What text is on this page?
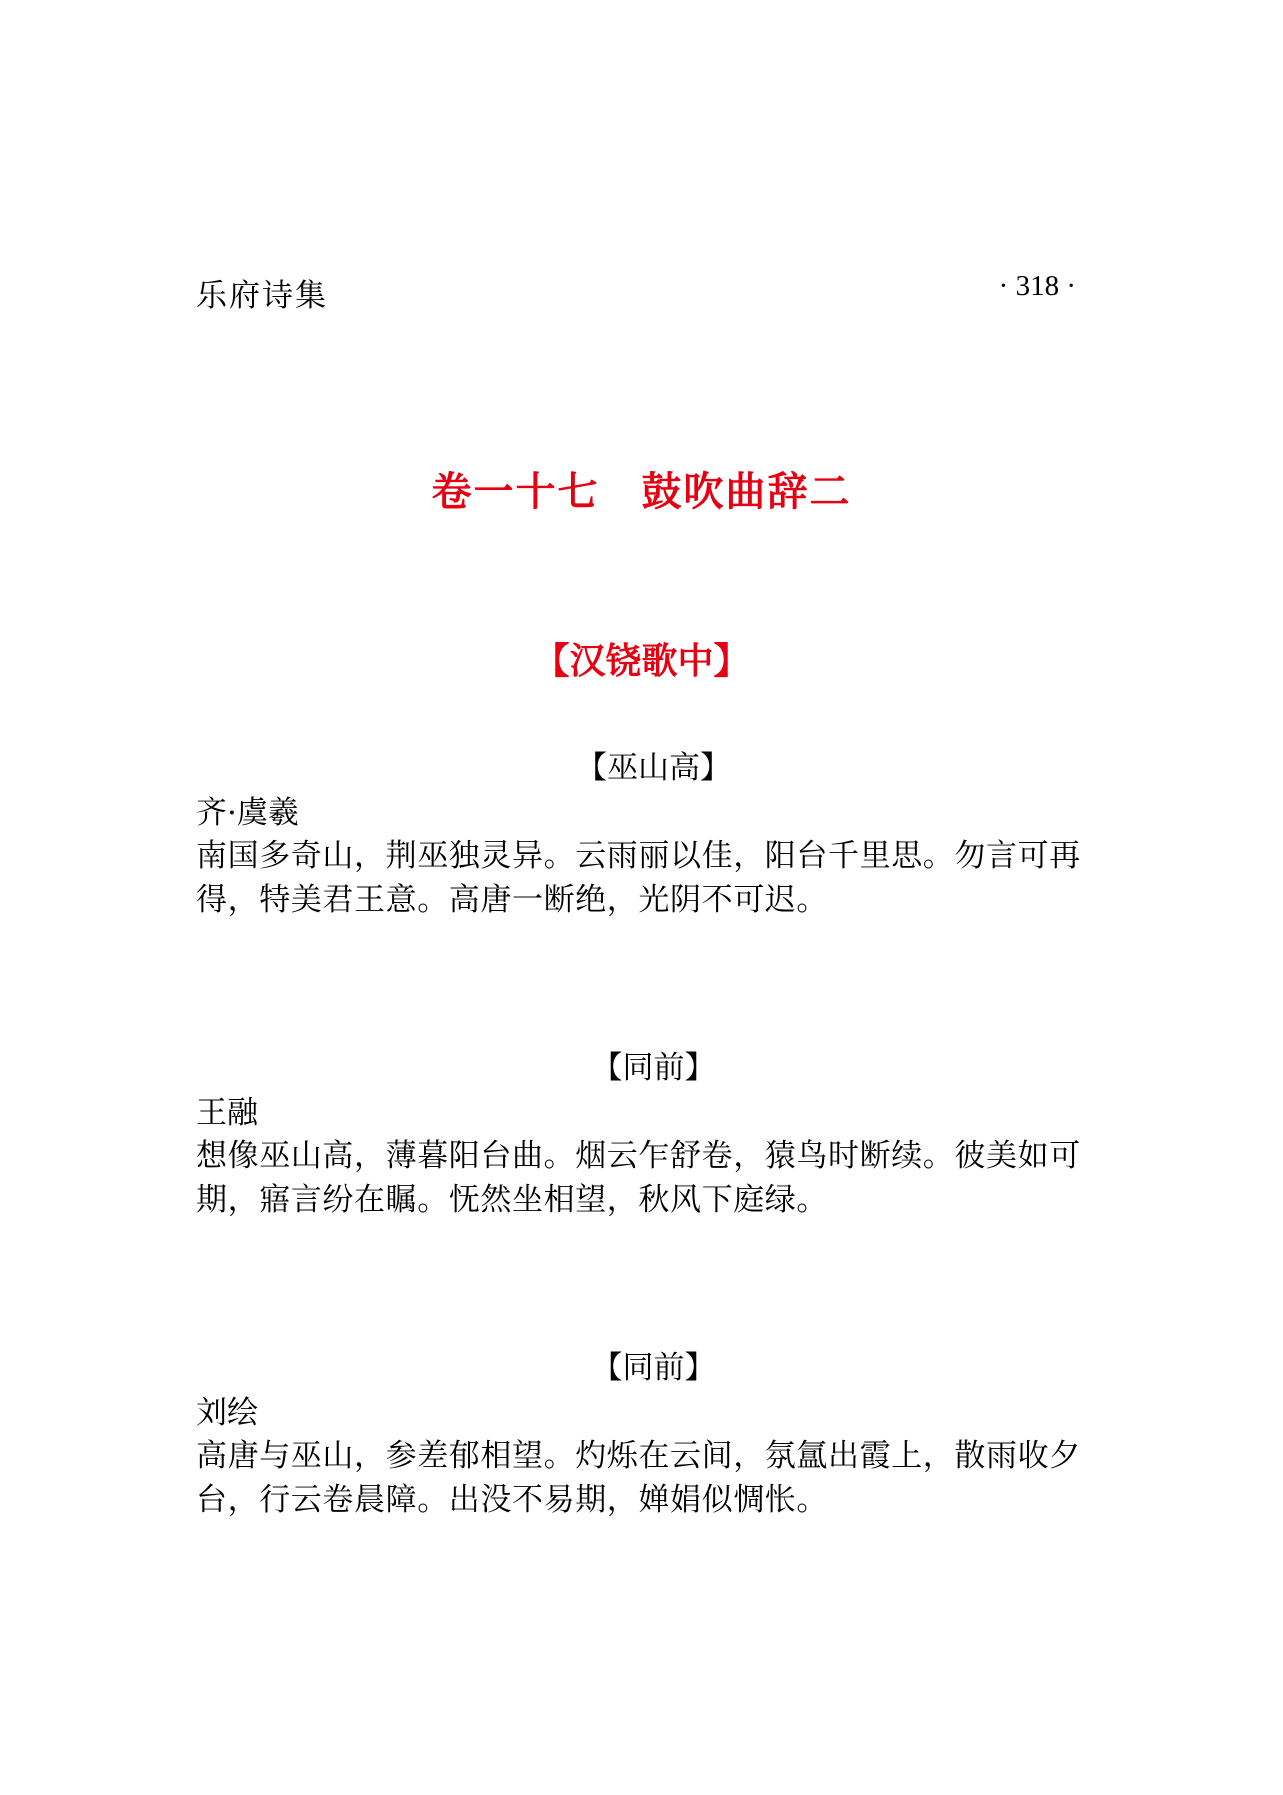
乐府诗集	· 318 ·
卷一十七　鼓吹曲辞二
【汉铙歌中】
【巫山高】
齐·虞羲
南国多奇山，荆巫独灵异。云雨丽以佳，阳台千里思。勿言可再得，特美君王意。高唐一断绝，光阴不可迟。
【同前】
王融
想像巫山高，薄暮阳台曲。烟云乍舒卷，猿鸟时断续。彼美如可期，寤言纷在瞩。怃然坐相望，秋风下庭绿。
【同前】
刘绘
高唐与巫山，参差郁相望。灼烁在云间，氛氲出霞上，散雨收夕台，行云卷晨障。出没不易期，婵娟似惆怅。
